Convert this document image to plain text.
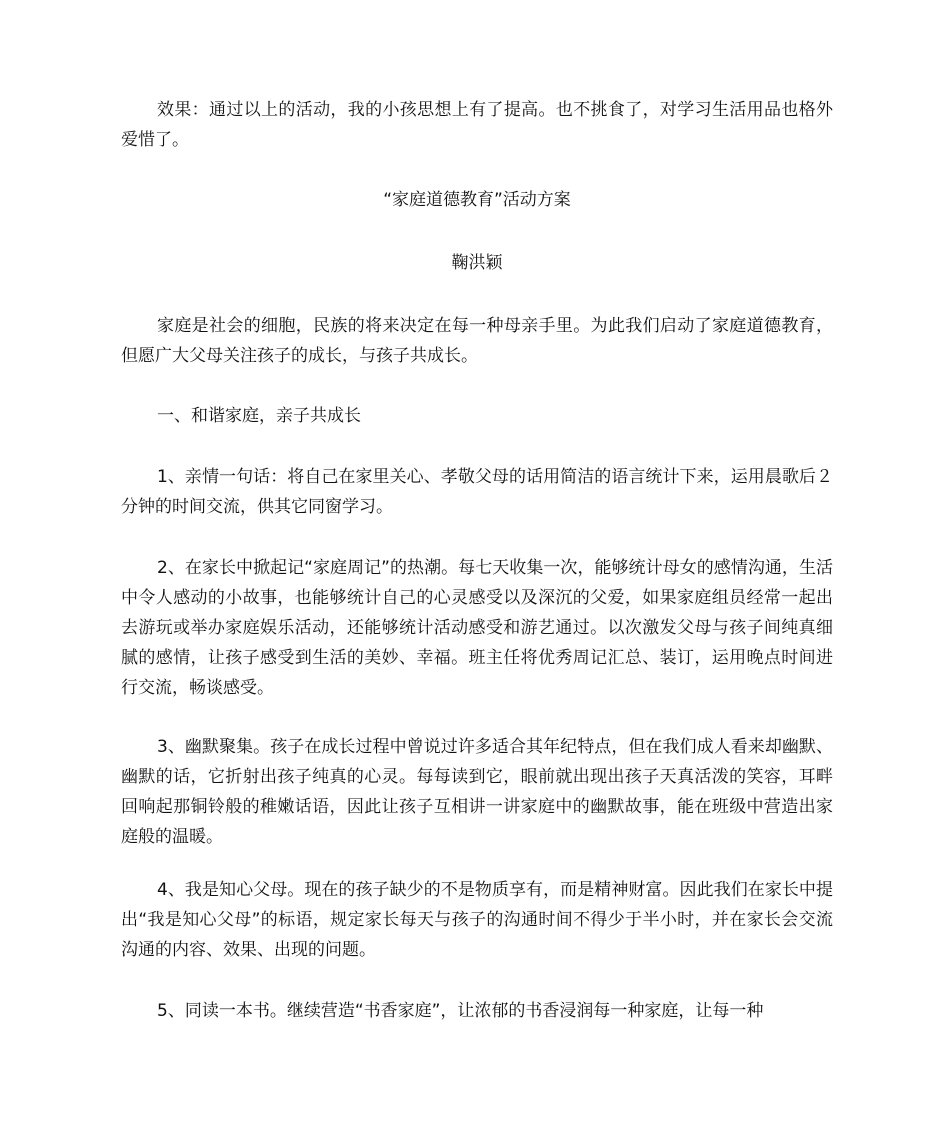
效果：通过以上的活动，我的小孩思想上有了提高。也不挑食了，对学习生活用品也格外爱惜了。

“家庭道德教育”活动方案

鞠洪颖

家庭是社会的细胞，民族的将来决定在每一种母亲手里。为此我们启动了家庭道德教育，但愿广大父母关注孩子的成长，与孩子共成长。

一、和谐家庭，亲子共成长

1、亲情一句话：将自己在家里关心、孝敬父母的话用简洁的语言统计下来，运用晨歌后２分钟的时间交流，供其它同窗学习。

2、在家长中掀起记“家庭周记”的热潮。每七天收集一次，能够统计母女的感情沟通，生活中令人感动的小故事，也能够统计自己的心灵感受以及深沉的父爱，如果家庭组员经常一起出去游玩或举办家庭娱乐活动，还能够统计活动感受和游艺通过。以次激发父母与孩子间纯真细腻的感情，让孩子感受到生活的美妙、幸福。班主任将优秀周记汇总、装订，运用晚点时间进行交流，畅谈感受。

3、幽默聚集。孩子在成长过程中曾说过许多适合其年纪特点，但在我们成人看来却幽默、幽默的话，它折射出孩子纯真的心灵。每每读到它，眼前就出现出孩子天真活泼的笑容，耳畔回响起那铜铃般的稚嫩话语，因此让孩子互相讲一讲家庭中的幽默故事，能在班级中营造出家庭般的温暖。

4、我是知心父母。现在的孩子缺少的不是物质享有，而是精神财富。因此我们在家长中提出“我是知心父母”的标语，规定家长每天与孩子的沟通时间不得少于半小时，并在家长会交流沟通的内容、效果、出现的问题。

5、同读一本书。继续营造“书香家庭”，让浓郁的书香浸润每一种家庭，让每一种
